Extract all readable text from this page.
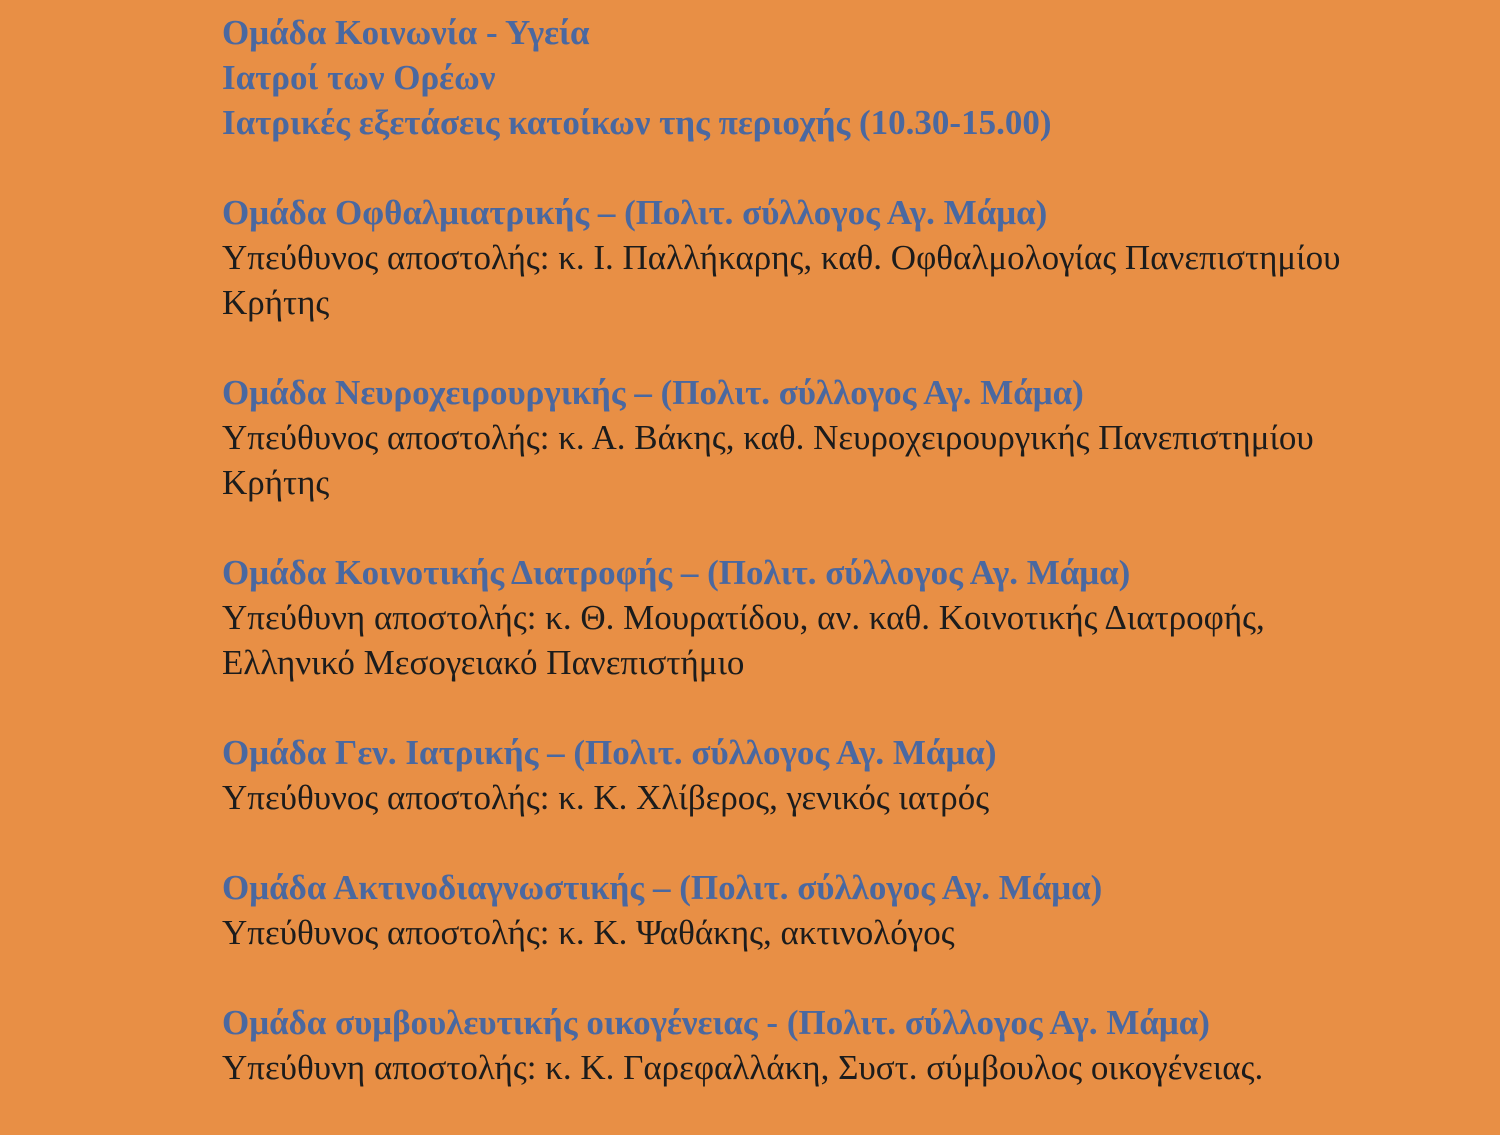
Ομάδα Κοινωνία - Υγεία
Ιατροί των Ορέων
Ιατρικές εξετάσεις κατοίκων της περιοχής (10.30-15.00)

Ομάδα Οφθαλμιατρικής – (Πολιτ. σύλλογος Αγ. Μάμα)

Υπεύθυνος αποστολής: κ. Ι. Παλλήκαρης, καθ. Οφθαλμολογίας Πανεπιστημίου
Κρήτης

Ομάδα Νευροχειρουργικής – (Πολιτ. σύλλογος Αγ. Μάμα)

Υπεύθυνος αποστολής: κ. Α. Βάκης, καθ. Νευροχειρουργικής Πανεπιστημίου
Κρήτης

Ομάδα Κοινοτικής Διατροφής – (Πολιτ. σύλλογος Αγ. Μάμα)

Υπεύθυνη αποστολής: κ. Θ. Μουρατίδου, αν. καθ. Κοινοτικής Διατροφής,
Ελληνικό Μεσογειακό Πανεπιστήμιο

Ομάδα Γεν. Ιατρικής – (Πολιτ. σύλλογος Αγ. Μάμα)

Υπεύθυνος αποστολής: κ. Κ. Χλίβερος, γενικός ιατρός

Ομάδα Ακτινοδιαγνωστικής – (Πολιτ. σύλλογος Αγ. Μάμα)

Υπεύθυνος αποστολής: κ. Κ. Ψαθάκης, ακτινολόγος

Ομάδα συμβουλευτικής οικογένειας - (Πολιτ. σύλλογος Αγ. Μάμα)

Υπεύθυνη αποστολής: κ. Κ. Γαρεφαλλάκη, Συστ. σύμβουλος οικογένειας.
